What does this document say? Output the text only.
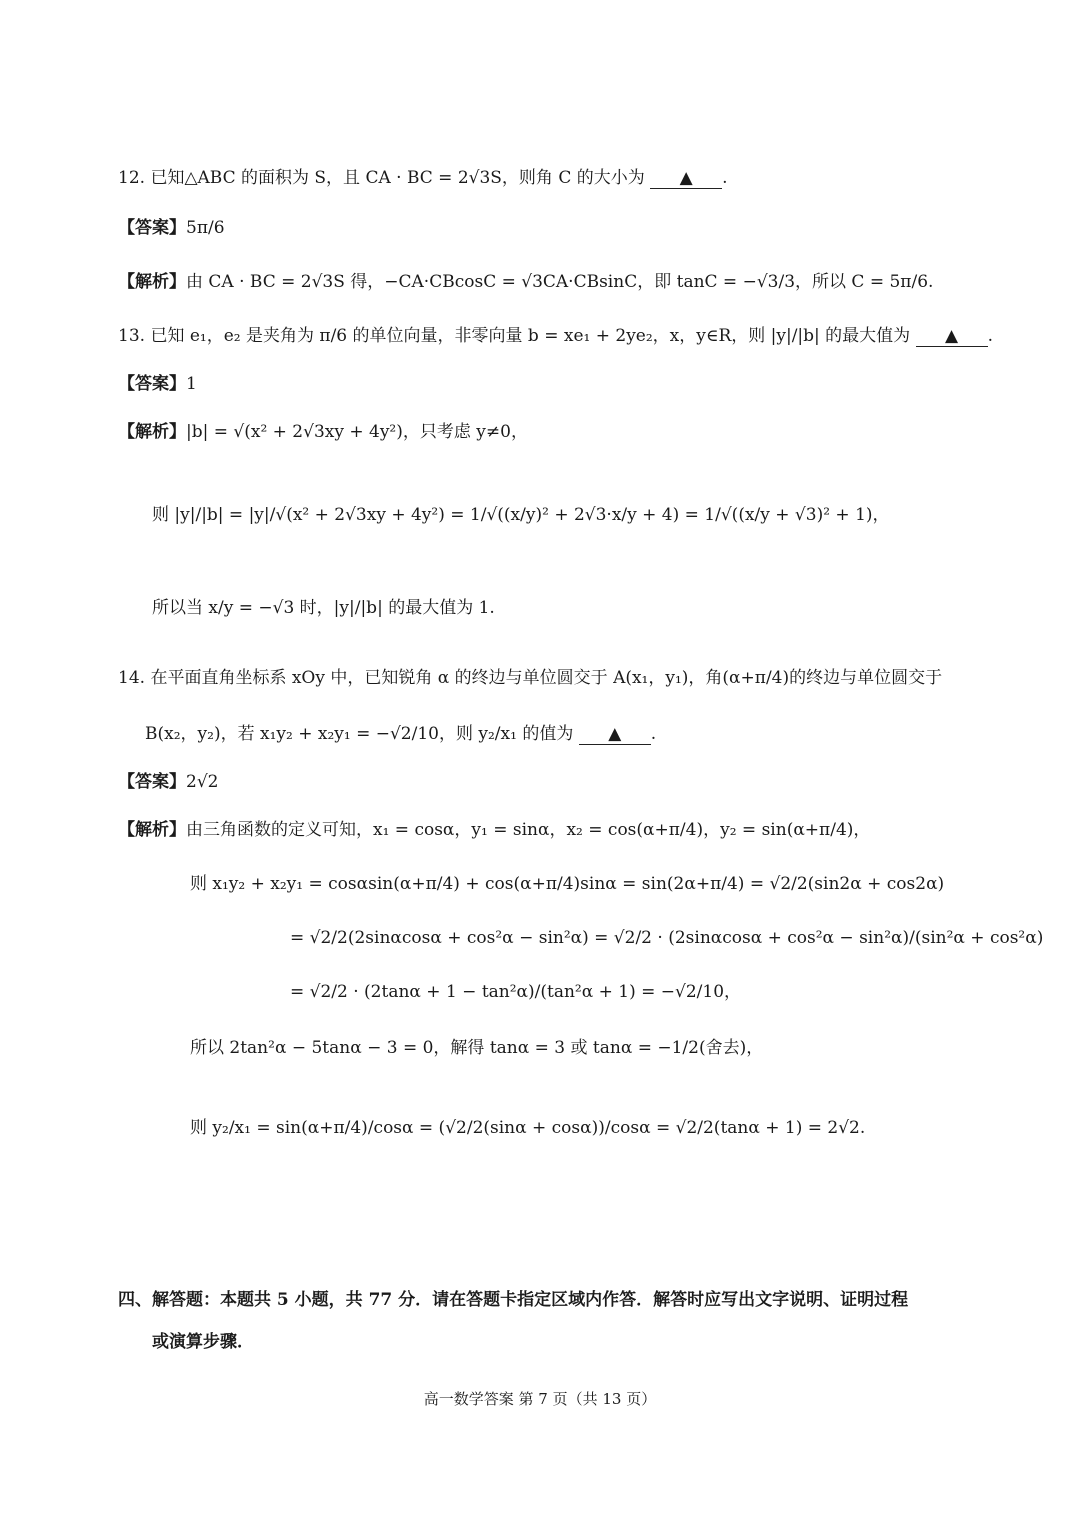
12. 已知△ABC 的面积为 S，且 CA · BC = 2√3S，则角 C 的大小为 ▲ .
【答案】5π/6
【解析】由 CA · BC = 2√3S 得，−CA·CBcosC = √3CA·CBsinC，即 tanC = −√3/3，所以 C = 5π/6.
13. 已知 e₁，e₂ 是夹角为 π/6 的单位向量，非零向量 b = xe₁ + 2ye₂，x，y∈R，则 |y|/|b| 的最大值为 ▲ .
【答案】1
【解析】|b| = √(x² + 2√3xy + 4y²)，只考虑 y≠0，
则 |y|/|b| = |y|/√(x² + 2√3xy + 4y²) = 1/√((x/y)² + 2√3·x/y + 4) = 1/√((x/y + √3)² + 1)，
所以当 x/y = −√3 时，|y|/|b| 的最大值为 1.
14. 在平面直角坐标系 xOy 中，已知锐角 α 的终边与单位圆交于 A(x₁，y₁)，角(α+π/4)的终边与单位圆交于
B(x₂，y₂)，若 x₁y₂ + x₂y₁ = −√2/10，则 y₂/x₁ 的值为 ▲ .
【答案】2√2
【解析】由三角函数的定义可知，x₁ = cosα，y₁ = sinα，x₂ = cos(α+π/4)，y₂ = sin(α+π/4)，
则 x₁y₂ + x₂y₁ = cosαsin(α+π/4) + cos(α+π/4)sinα = sin(2α+π/4) = √2/2(sin2α + cos2α)
= √2/2(2sinαcosα + cos²α − sin²α) = √2/2 · (2sinαcosα + cos²α − sin²α)/(sin²α + cos²α)
= √2/2 · (2tanα + 1 − tan²α)/(tan²α + 1) = −√2/10，
所以 2tan²α − 5tanα − 3 = 0，解得 tanα = 3 或 tanα = −1/2(舍去)，
则 y₂/x₁ = sin(α+π/4)/cosα = (√2/2(sinα + cosα))/cosα = √2/2(tanα + 1) = 2√2.
四、解答题：本题共 5 小题，共 77 分．请在答题卡指定区域内作答．解答时应写出文字说明、证明过程
或演算步骤．
高一数学答案 第 7 页（共 13 页）
